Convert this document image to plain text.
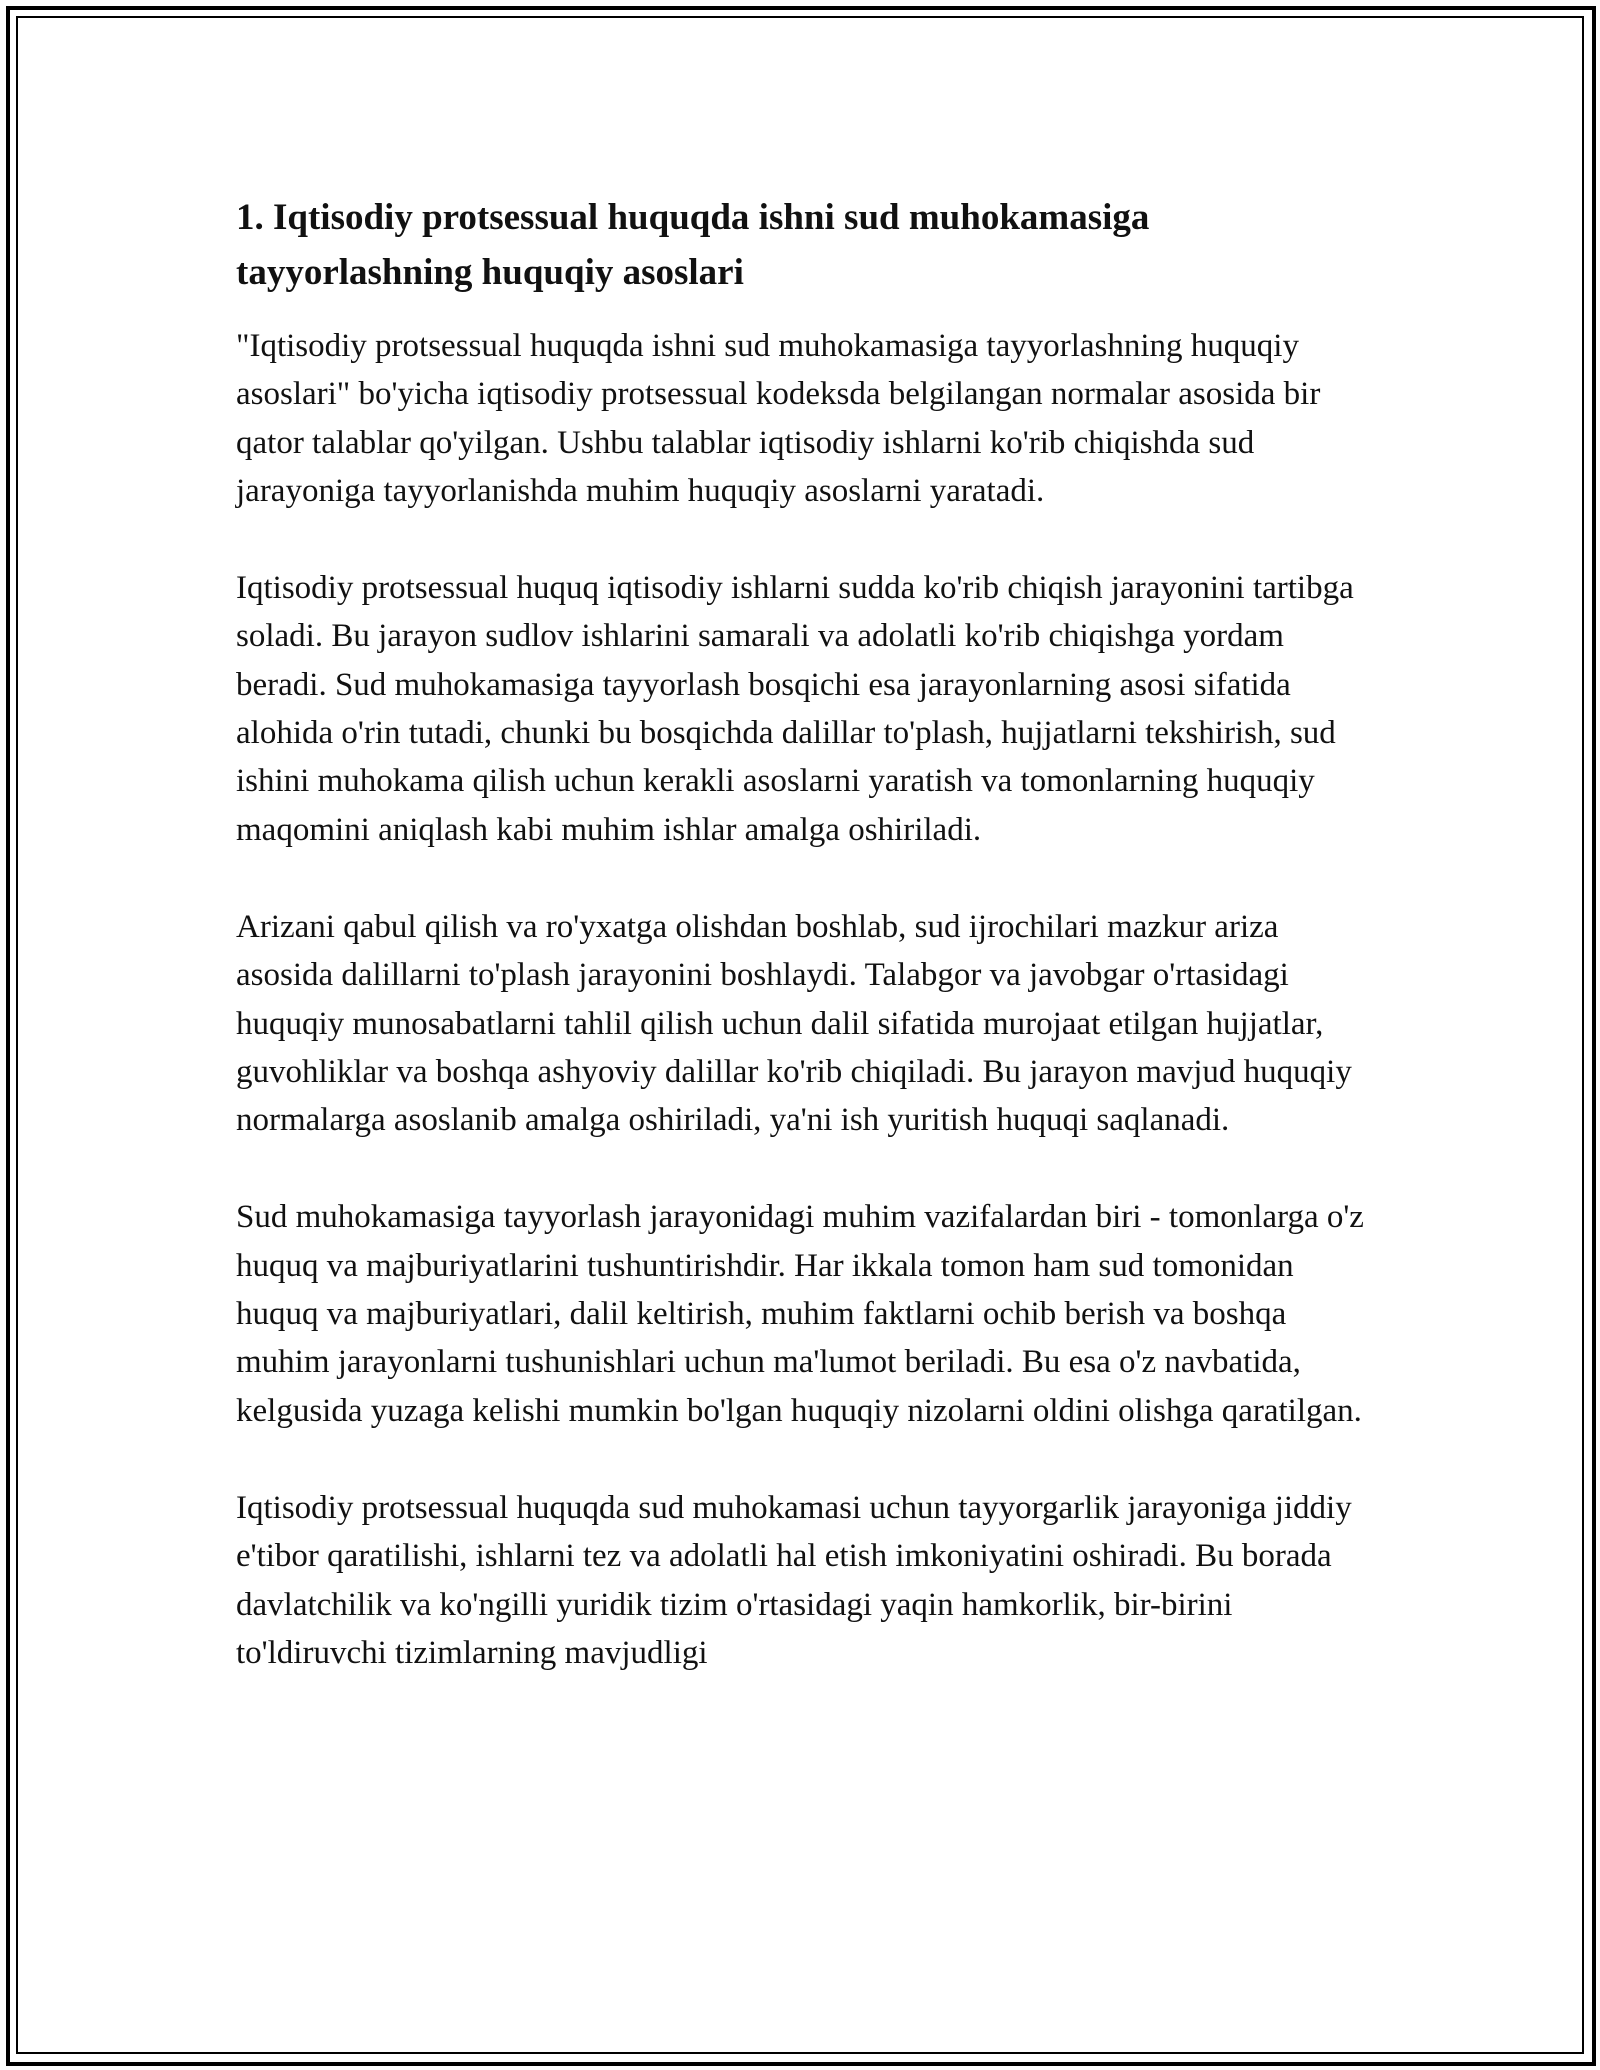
1. Iqtisodiy protsessual huquqda ishni sud muhokamasiga tayyorlashning huquqiy asoslari

"Iqtisodiy protsessual huquqda ishni sud muhokamasiga tayyorlashning huquqiy asoslari" bo'yicha iqtisodiy protsessual kodeksda belgilangan normalar asosida bir qator talablar qo'yilgan. Ushbu talablar iqtisodiy ishlarni ko'rib chiqishda sud jarayoniga tayyorlanishda muhim huquqiy asoslarni yaratadi.

Iqtisodiy protsessual huquq iqtisodiy ishlarni sudda ko'rib chiqish jarayonini tartibga soladi. Bu jarayon sudlov ishlarini samarali va adolatli ko'rib chiqishga yordam beradi. Sud muhokamasiga tayyorlash bosqichi esa jarayonlarning asosi sifatida alohida o'rin tutadi, chunki bu bosqichda dalillar to'plash, hujjatlarni tekshirish, sud ishini muhokama qilish uchun kerakli asoslarni yaratish va tomonlarning huquqiy maqomini aniqlash kabi muhim ishlar amalga oshiriladi.

Arizani qabul qilish va ro'yxatga olishdan boshlab, sud ijrochilari mazkur ariza asosida dalillarni to'plash jarayonini boshlaydi. Talabgor va javobgar o'rtasidagi huquqiy munosabatlarni tahlil qilish uchun dalil sifatida murojaat etilgan hujjatlar, guvohliklar va boshqa ashyoviy dalillar ko'rib chiqiladi. Bu jarayon mavjud huquqiy normalarga asoslanib amalga oshiriladi, ya'ni ish yuritish huquqi saqlanadi.

Sud muhokamasiga tayyorlash jarayonidagi muhim vazifalardan biri - tomonlarga o'z huquq va majburiyatlarini tushuntirishdir. Har ikkala tomon ham sud tomonidan huquq va majburiyatlari, dalil keltirish, muhim faktlarni ochib berish va boshqa muhim jarayonlarni tushunishlari uchun ma'lumot beriladi. Bu esa o'z navbatida, kelgusida yuzaga kelishi mumkin bo'lgan huquqiy nizolarni oldini olishga qaratilgan.

Iqtisodiy protsessual huquqda sud muhokamasi uchun tayyorgarlik jarayoniga jiddiy e'tibor qaratilishi, ishlarni tez va adolatli hal etish imkoniyatini oshiradi. Bu borada davlatchilik va ko'ngilli yuridik tizim o'rtasidagi yaqin hamkorlik, bir-birini to'ldiruvchi tizimlarning mavjudligi
